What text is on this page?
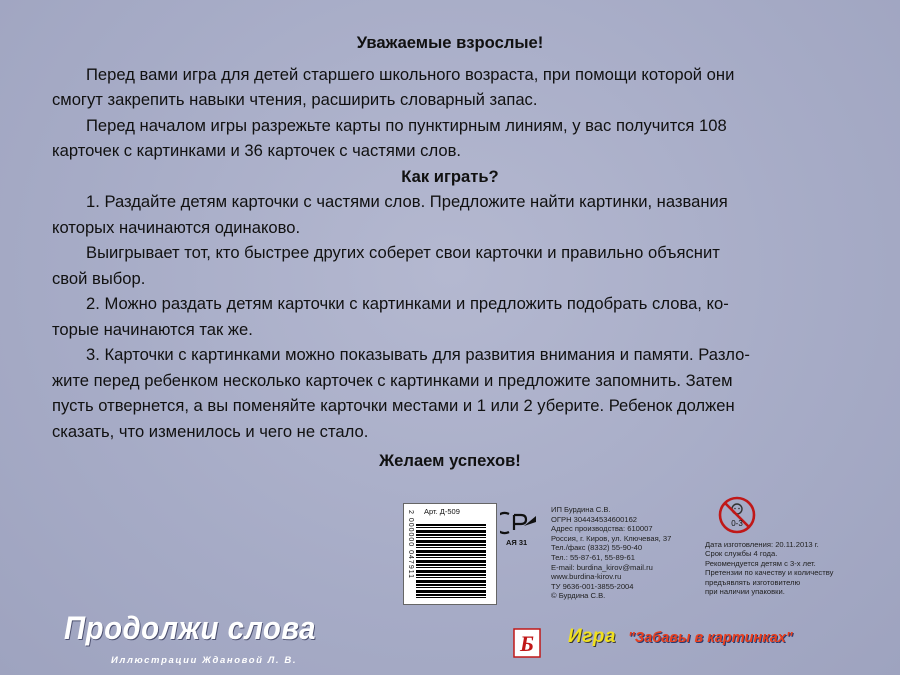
Уважаемые взрослые!

Перед вами игра для детей старшего школьного возраста, при помощи которой они
смогут закрепить навыки чтения, расширить словарный запас.

Перед началом игры разрежьте карты по пунктирным линиям, у вас получится 108
карточек с картинками и 36 карточек с частями слов.

Как играть?

1. Раздайте детям карточки с частями слов. Предложите найти картинки, названия
которых начинаются одинаково.

Выигрывает тот, кто быстрее других соберет свои карточки и правильно объяснит
свой выбор.

2. Можно раздать детям карточки с картинками и предложить подобрать слова, ко-
торые начинаются так же.

3. Карточки с картинками можно показывать для развития внимания и памяти. Разло-
жите перед ребенком несколько карточек с картинками и предложите запомнить. Затем
пусть отвернется, а вы поменяйте карточки местами и 1 или 2 уберите. Ребенок должен
сказать, что изменилось и чего не стало.

Желаем успехов!
Арт. Д-509
2 000000 047911	АЯ 31
ИП Бурдина С.В.
ОГРН 304434534600162
Адрес производства: 610007
Россия, г. Киров, ул. Ключевая, 37
Тел./факс (8332) 55-90-40
Тел.: 55-87-61, 55-89-61
E-mail: burdina_kirov@mail.ru
www.burdina-kirov.ru
ТУ 9636-001-3855-2004
© Бурдина С.В.
0-3
Дата изготовления: 20.11.2013 г.
Срок службы 4 года.
Рекомендуется детям с 3-х лет.
Претензии по качеству и количеству
предъявлять изготовителю
при наличии упаковки.
Продолжи слова
Иллюстрации Ждановой Л. В.
Б Игра "Забавы в картинках"
